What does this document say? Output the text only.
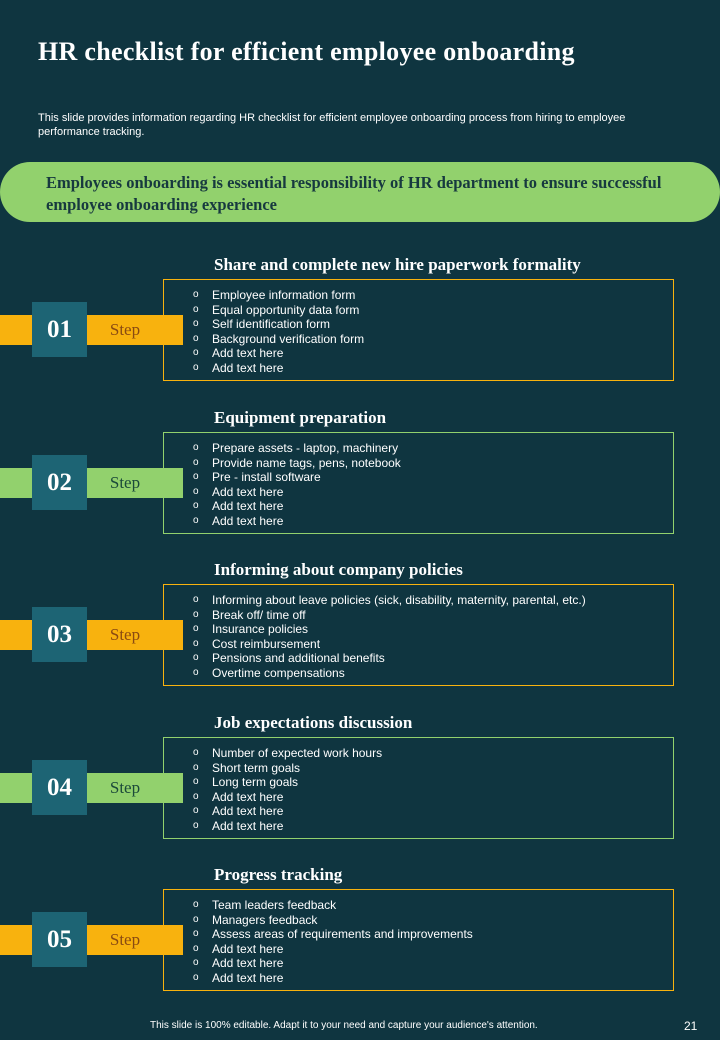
HR checklist for efficient employee onboarding
This slide provides information regarding HR checklist for efficient employee onboarding process from hiring to employee performance tracking.
Employees onboarding is essential responsibility of HR department to ensure successful employee onboarding experience
Share and complete new hire paperwork formality
o Employee information form
o Equal opportunity data form
o Self identification form
o Background verification form
o Add text here
o Add text here
Step
01
Equipment preparation
o Prepare assets - laptop, machinery
o Provide name tags, pens, notebook
o Pre - install software
o Add text here
o Add text here
o Add text here
Step
02
Informing about company policies
o Informing about leave policies (sick, disability, maternity, parental, etc.)
o Break off/ time off
o Insurance policies
o Cost reimbursement
o Pensions and additional benefits
o Overtime compensations
Step
03
Job expectations discussion
o Number of expected work hours
o Short term goals
o Long term goals
o Add text here
o Add text here
o Add text here
Step
04
Progress tracking
o Team leaders feedback
o Managers feedback
o Assess areas of requirements and improvements
o Add text here
o Add text here
o Add text here
Step
05
This slide is 100% editable. Adapt it to your need and capture your audience's attention.	21
